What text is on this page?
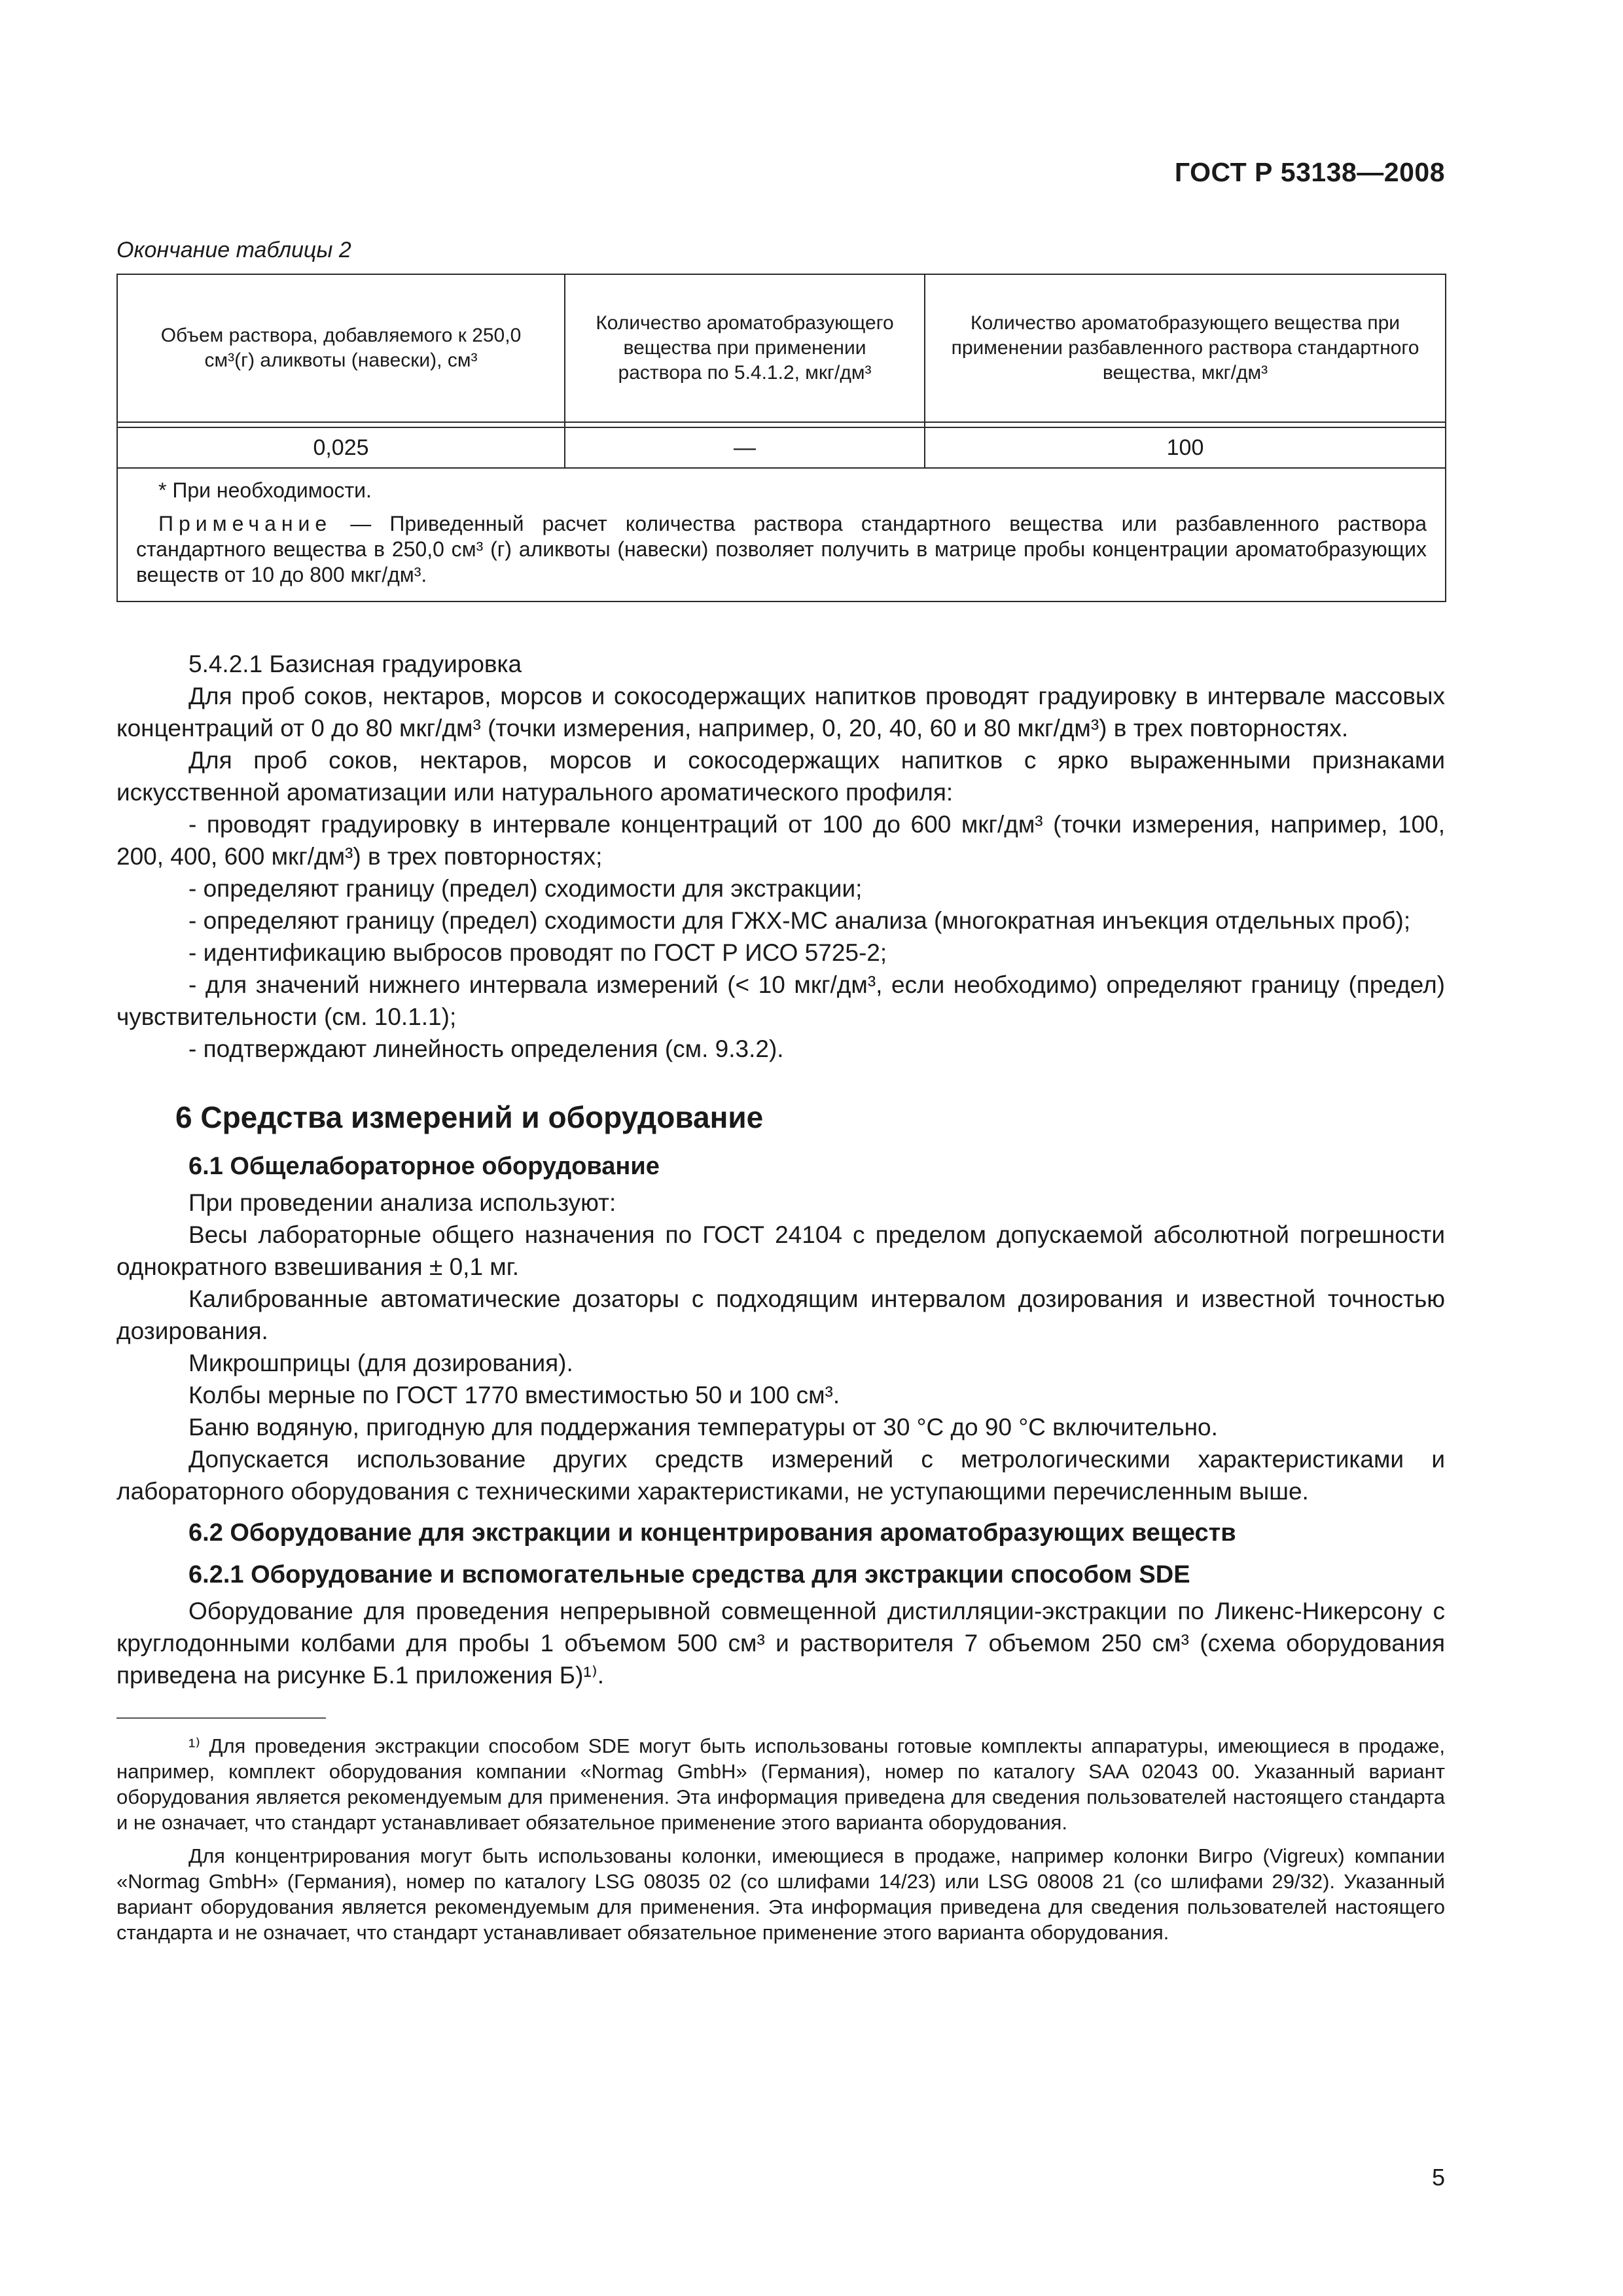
ГОСТ Р 53138—2008
Окончание таблицы 2
Объем раствора, добавляемого к 250,0 см³(г) аликвоты (навески), см³	Количество ароматобразующего вещества при применении раствора по 5.4.1.2, мкг/дм³	Количество ароматобразующего вещества при применении разбавленного раствора стандартного вещества, мкг/дм³

0,025	—	100

* При необходимости.

Примечание — Приведенный расчет количества раствора стандартного вещества или разбавленного раствора стандартного вещества в 250,0 см³ (г) аликвоты (навески) позволяет получить в матрице пробы концентрации ароматобразующих веществ от 10 до 800 мкг/дм³.		

5.4.2.1 Базисная градуировка

Для проб соков, нектаров, морсов и сокосодержащих напитков проводят градуировку в интервале массовых концентраций от 0 до 80 мкг/дм³ (точки измерения, например, 0, 20, 40, 60 и 80 мкг/дм³) в трех повторностях.

Для проб соков, нектаров, морсов и сокосодержащих напитков с ярко выраженными признаками искусственной ароматизации или натурального ароматического профиля:

- проводят градуировку в интервале концентраций от 100 до 600 мкг/дм³ (точки измерения, например, 100, 200, 400, 600 мкг/дм³) в трех повторностях;

- определяют границу (предел) сходимости для экстракции;

- определяют границу (предел) сходимости для ГЖХ-МС анализа (многократная инъекция отдельных проб);

- идентификацию выбросов проводят по ГОСТ Р ИСО 5725-2;

- для значений нижнего интервала измерений (< 10 мкг/дм³, если необходимо) определяют границу (предел) чувствительности (см. 10.1.1);

- подтверждают линейность определения (см. 9.3.2).

6 Средства измерений и оборудование
6.1 Общелабораторное оборудование

При проведении анализа используют:

Весы лабораторные общего назначения по ГОСТ 24104 с пределом допускаемой абсолютной погрешности однократного взвешивания ± 0,1 мг.

Калиброванные автоматические дозаторы с подходящим интервалом дозирования и известной точностью дозирования.

Микрошприцы (для дозирования).

Колбы мерные по ГОСТ 1770 вместимостью 50 и 100 см³.

Баню водяную, пригодную для поддержания температуры от 30 °С до 90 °С включительно.

Допускается использование других средств измерений с метрологическими характеристиками и лабораторного оборудования с техническими характеристиками, не уступающими перечисленным выше.

6.2 Оборудование для экстракции и концентрирования ароматобразующих веществ
6.2.1 Оборудование и вспомогательные средства для экстракции способом SDE

Оборудование для проведения непрерывной совмещенной дистилляции-экстракции по Ликенс-Никерсону с круглодонными колбами для пробы 1 объемом 500 см³ и растворителя 7 объемом 250 см³ (схема оборудования приведена на рисунке Б.1 приложения Б)¹⁾.

¹⁾ Для проведения экстракции способом SDE могут быть использованы готовые комплекты аппаратуры, имеющиеся в продаже, например, комплект оборудования компании «Normag GmbH» (Германия), номер по каталогу SAA 02043 00. Указанный вариант оборудования является рекомендуемым для применения. Эта информация приведена для сведения пользователей настоящего стандарта и не означает, что стандарт устанавливает обязательное применение этого варианта оборудования.

Для концентрирования могут быть использованы колонки, имеющиеся в продаже, например колонки Вигро (Vigreux) компании «Normag GmbH» (Германия), номер по каталогу LSG 08035 02 (со шлифами 14/23) или LSG 08008 21 (со шлифами 29/32). Указанный вариант оборудования является рекомендуемым для применения. Эта информация приведена для сведения пользователей настоящего стандарта и не означает, что стандарт устанавливает обязательное применение этого варианта оборудования.

5
